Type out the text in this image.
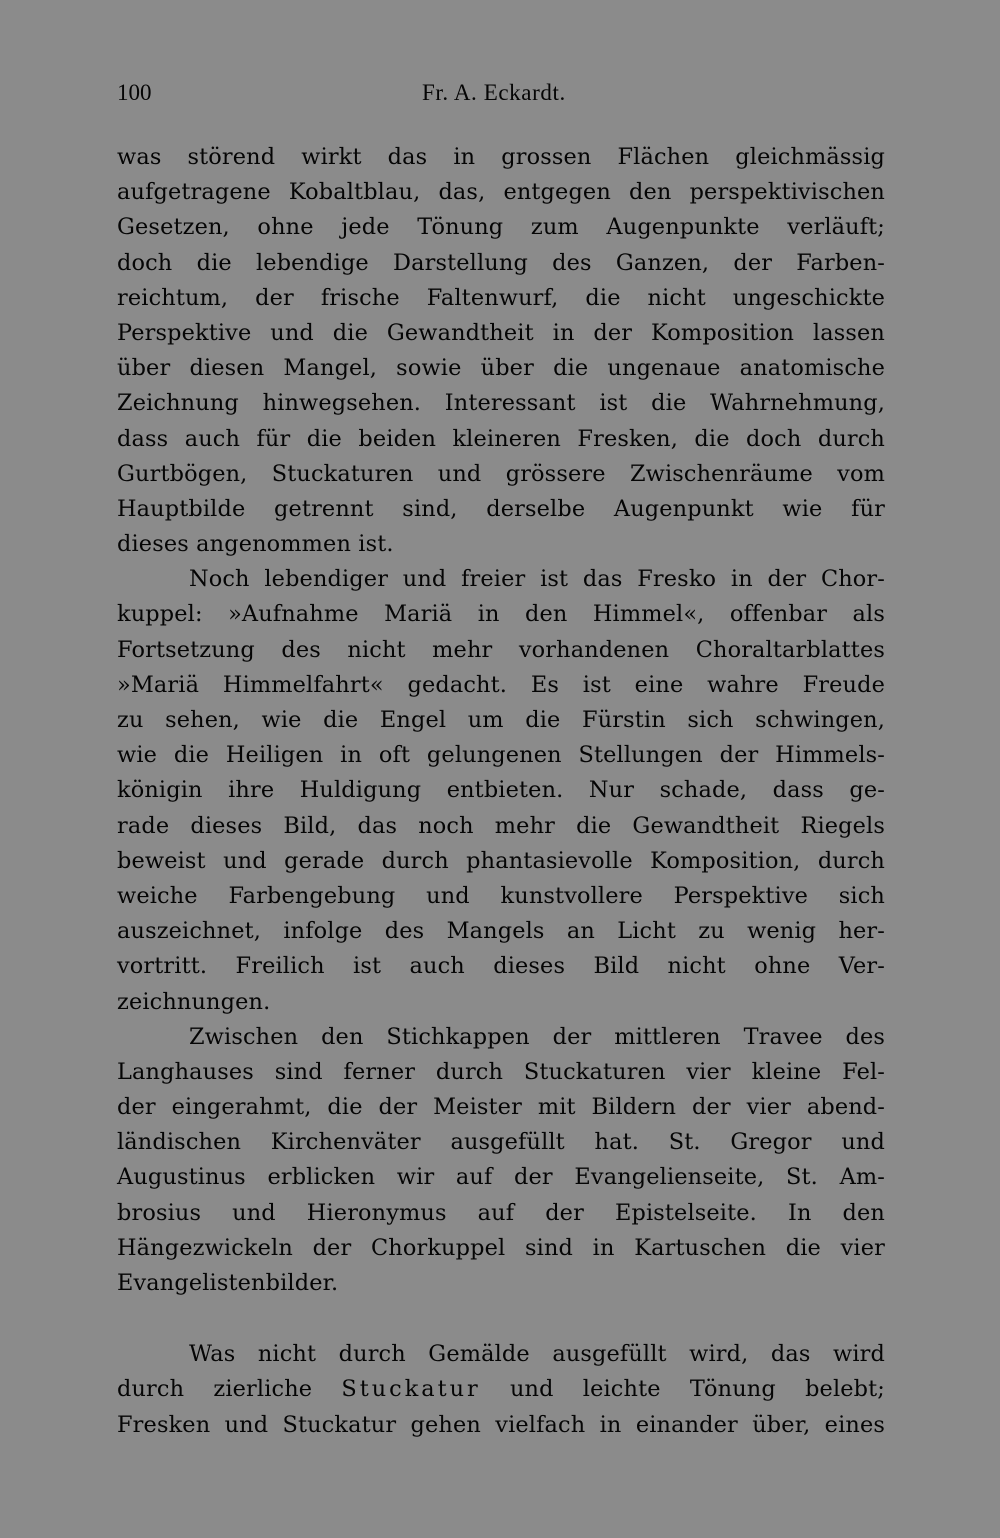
100	Fr. A. Eckardt.
was störend wirkt das in grossen Flächen gleichmässig
aufgetragene Kobaltblau, das, entgegen den perspektivischen
Gesetzen, ohne jede Tönung zum Augenpunkte verläuft;
doch die lebendige Darstellung des Ganzen, der Farben-
reichtum, der frische Faltenwurf, die nicht ungeschickte
Perspektive und die Gewandtheit in der Komposition lassen
über diesen Mangel, sowie über die ungenaue anatomische
Zeichnung hinwegsehen. Interessant ist die Wahrnehmung,
dass auch für die beiden kleineren Fresken, die doch durch
Gurtbögen, Stuckaturen und grössere Zwischenräume vom
Hauptbilde getrennt sind, derselbe Augenpunkt wie für
dieses angenommen ist.
Noch lebendiger und freier ist das Fresko in der Chor-
kuppel: »Aufnahme Mariä in den Himmel«, offenbar als
Fortsetzung des nicht mehr vorhandenen Choraltarblattes
»Mariä Himmelfahrt« gedacht. Es ist eine wahre Freude
zu sehen, wie die Engel um die Fürstin sich schwingen,
wie die Heiligen in oft gelungenen Stellungen der Himmels-
königin ihre Huldigung entbieten. Nur schade, dass ge-
rade dieses Bild, das noch mehr die Gewandtheit Riegels
beweist und gerade durch phantasievolle Komposition, durch
weiche Farbengebung und kunstvollere Perspektive sich
auszeichnet, infolge des Mangels an Licht zu wenig her-
vortritt. Freilich ist auch dieses Bild nicht ohne Ver-
zeichnungen.
Zwischen den Stichkappen der mittleren Travee des
Langhauses sind ferner durch Stuckaturen vier kleine Fel-
der eingerahmt, die der Meister mit Bildern der vier abend-
ländischen Kirchenväter ausgefüllt hat. St. Gregor und
Augustinus erblicken wir auf der Evangelienseite, St. Am-
brosius und Hieronymus auf der Epistelseite. In den
Hängezwickeln der Chorkuppel sind in Kartuschen die vier
Evangelistenbilder.
Was nicht durch Gemälde ausgefüllt wird, das wird
durch zierliche Stuckatur und leichte Tönung belebt;
Fresken und Stuckatur gehen vielfach in einander über, eines
